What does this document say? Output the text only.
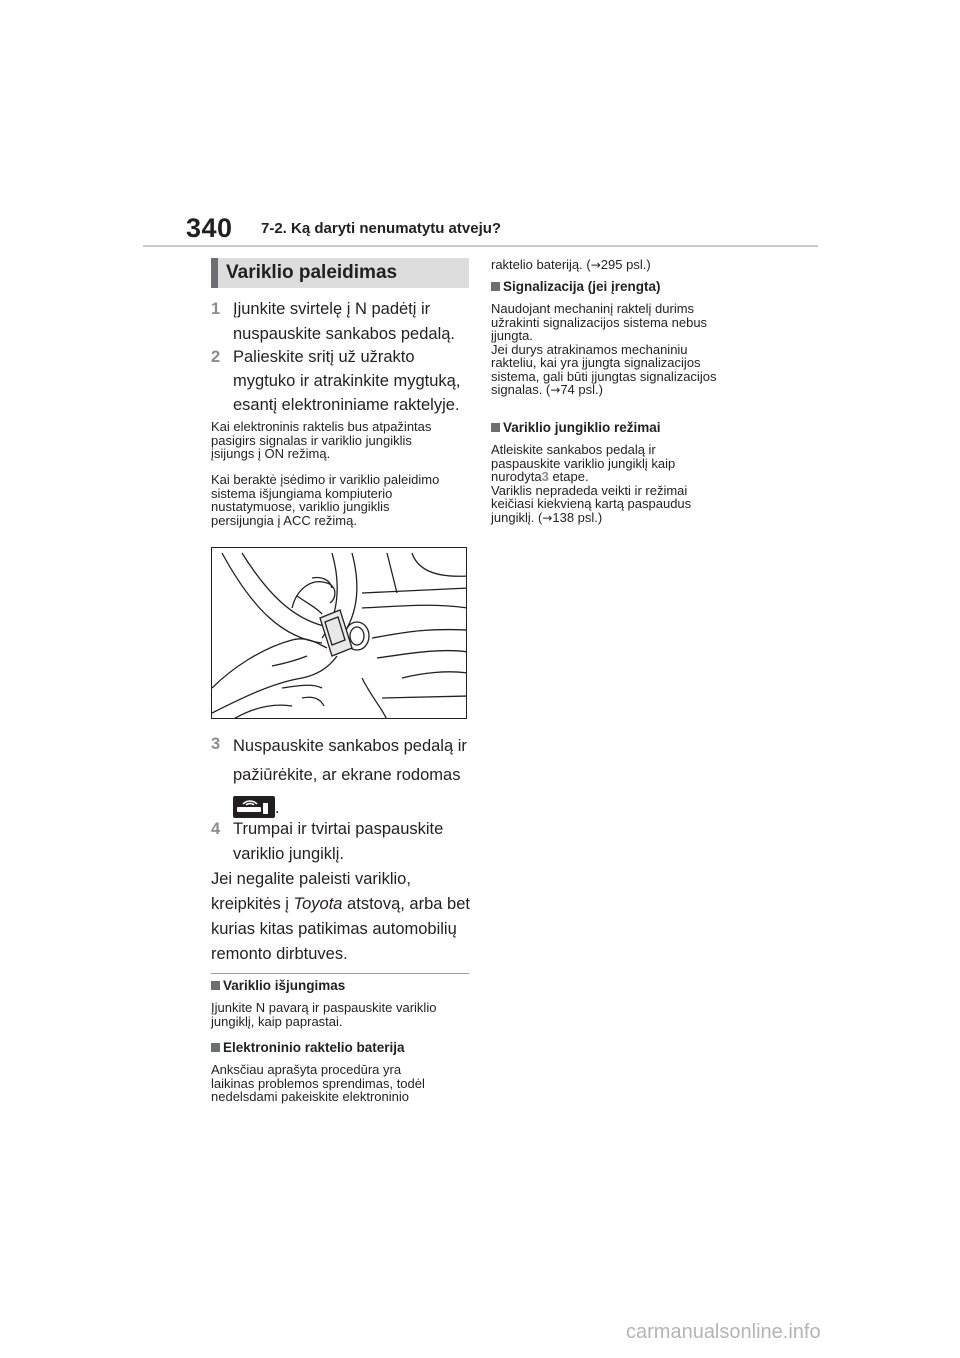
340 7-2. Ką daryti nenumatytu atveju?
Variklio paleidimas
1 Įjunkite svirtelę į N padėtį ir
nuspauskite sankabos pedalą.
2 Palieskite sritį už užrakto
mygtuko ir atrakinkite mygtuką,
esantį elektroniniame raktelyje.
Kai elektroninis raktelis bus atpažintas
pasigirs signalas ir variklio jungiklis
įsijungs į ON režimą.
Kai beraktė įsėdimo ir variklio paleidimo
sistema išjungiama kompiuterio
nustatymuose, variklio jungiklis
persijungia į ACC režimą.
3 Nuspauskite sankabos pedalą ir
pažiūrėkite, ar ekrane rodomas
.
4 Trumpai ir tvirtai paspauskite
variklio jungiklį.
Jei negalite paleisti variklio,
kreipkitės į Toyota atstovą, arba bet
kurias kitas patikimas automobilių
remonto dirbtuves.
Variklio išjungimas
Įjunkite N pavarą ir paspauskite variklio
jungiklį, kaip paprastai.
Elektroninio raktelio baterija
Anksčiau aprašyta procedūra yra
laikinas problemos sprendimas, todėl
nedelsdami pakeiskite elektroninio
raktelio bateriją. (→295 psl.)
Signalizacija (jei įrengta)
Naudojant mechaninį raktelį durims
užrakinti signalizacijos sistema nebus
įjungta.
Jei durys atrakinamos mechaniniu
rakteliu, kai yra įjungta signalizacijos
sistema, gali būti įjungtas signalizacijos
signalas. (→74 psl.)
Variklio jungiklio režimai
Atleiskite sankabos pedalą ir
paspauskite variklio jungiklį kaip
nurodyta3 etape.
Variklis nepradeda veikti ir režimai
keičiasi kiekvieną kartą paspaudus
jungiklį. (→138 psl.)
carmanualsonline.info
